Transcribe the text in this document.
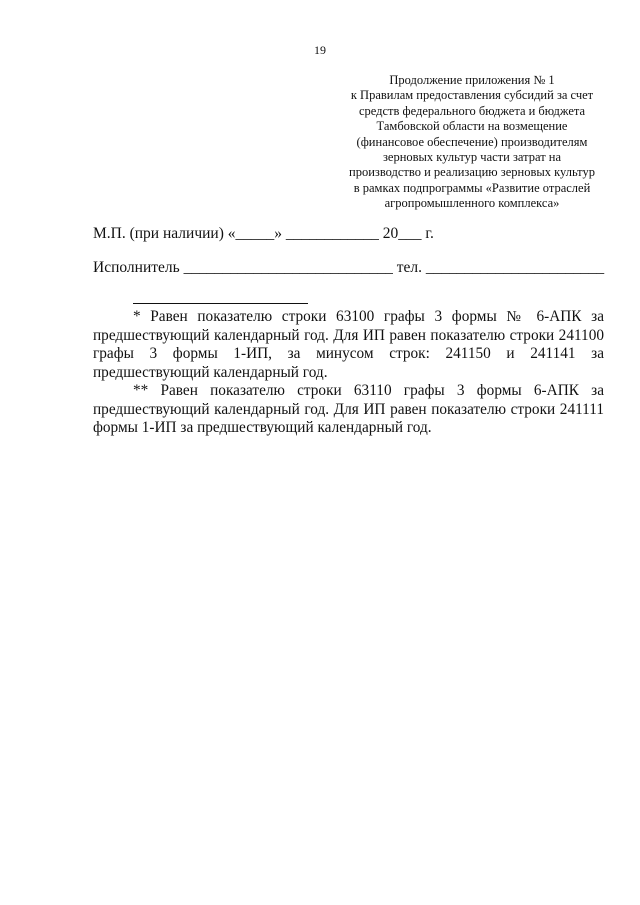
19
Продолжение приложения № 1
к Правилам предоставления субсидий за счет
средств федерального бюджета и бюджета
Тамбовской области на возмещение
(финансовое обеспечение) производителям
зерновых культур части затрат на
производство и реализацию зерновых культур
в рамках подпрограммы «Развитие отраслей
агропромышленного комплекса»
М.П. (при наличии) «_____» ____________ 20___ г.
Исполнитель ___________________________ тел. _______________________

* Равен показателю строки 63100 графы 3 формы № 6-АПК за
предшествующий календарный год. Для ИП равен показателю строки 241100
графы 3 формы 1-ИП, за минусом строк: 241150 и 241141 за
предшествующий календарный год.

** Равен показателю строки 63110 графы 3 формы 6-АПК за
предшествующий календарный год. Для ИП равен показателю строки 241111
формы 1-ИП за предшествующий календарный год.
